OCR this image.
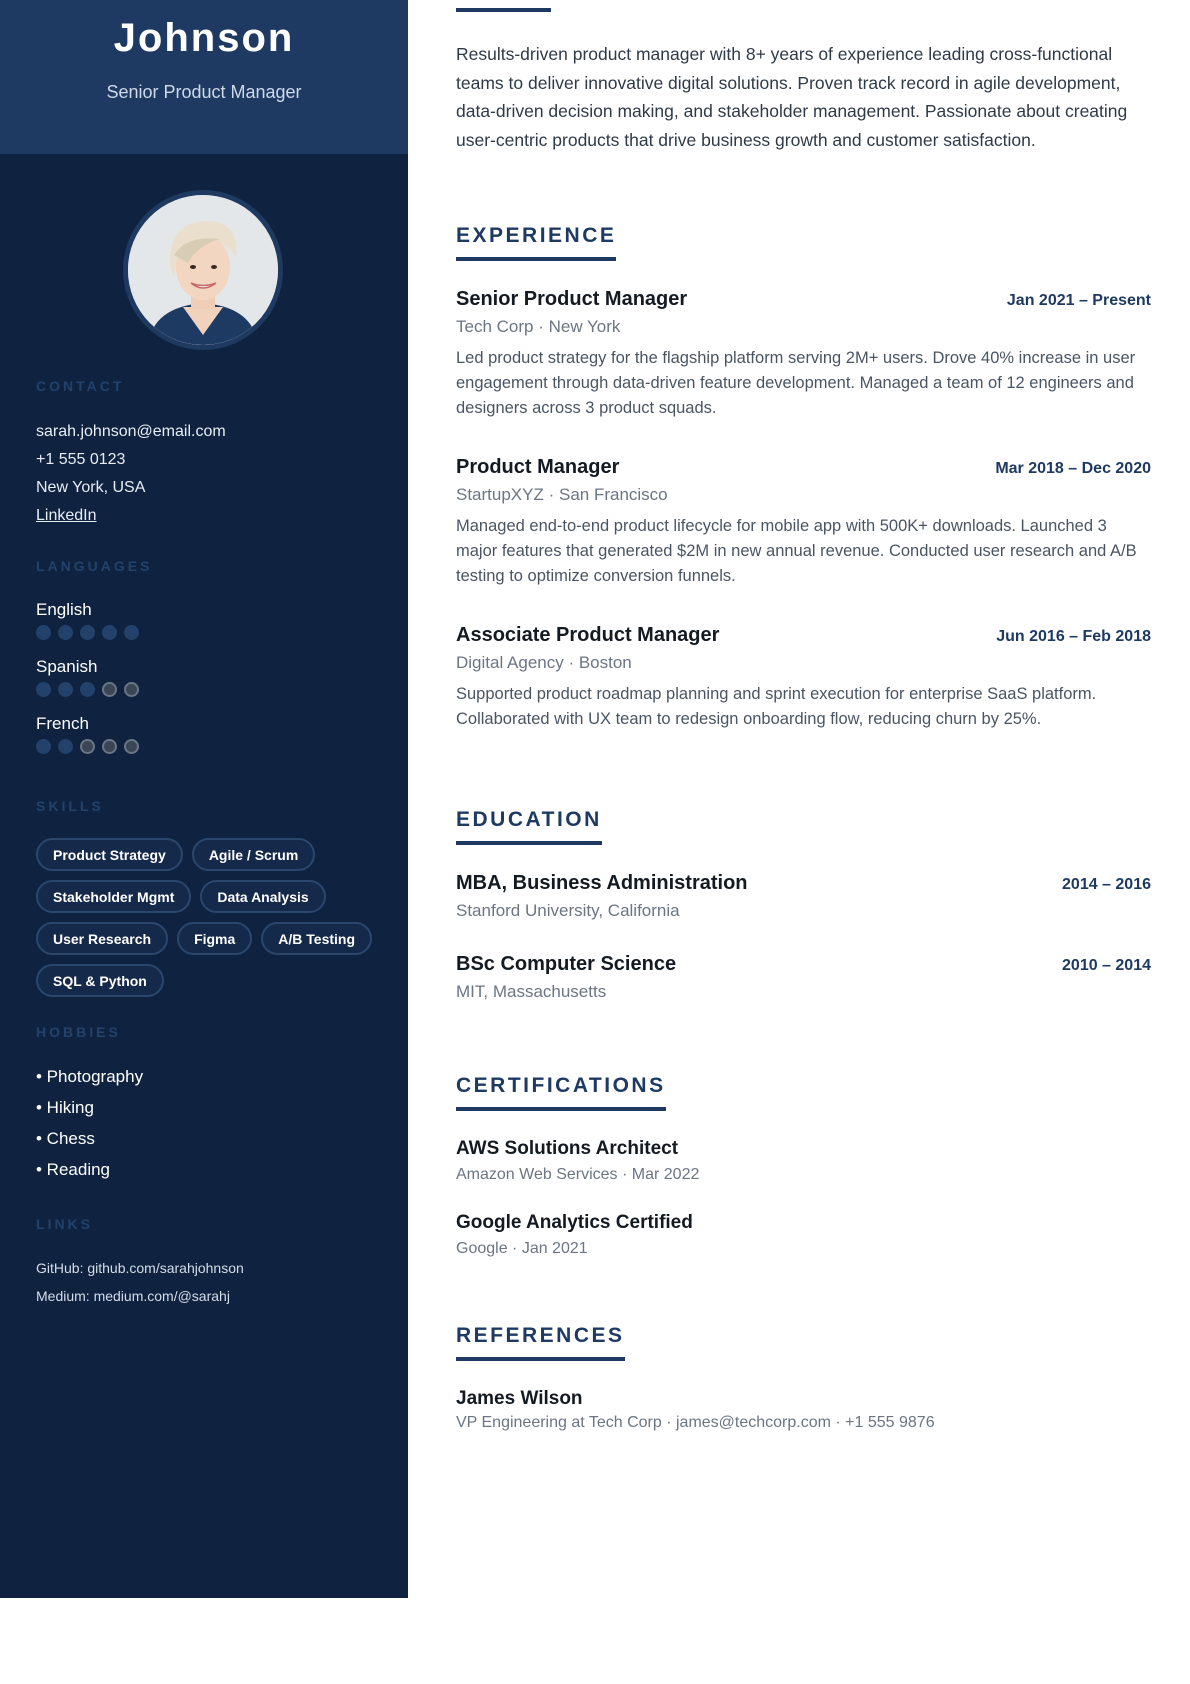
Johnson
Senior Product Manager
CONTACT
sarah.johnson@email.com
+1 555 0123
New York, USA
LinkedIn
LANGUAGES
English
Spanish
French
SKILLS
Product Strategy	Agile / Scrum
Stakeholder Mgmt	Data Analysis
User Research	Figma	A/B Testing
SQL & Python
HOBBIES
• Photography
• Hiking
• Chess
• Reading
LINKS
GitHub: github.com/sarahjohnson
Medium: medium.com/@sarahj

Results-driven product manager with 8+ years of experience leading cross-functional teams to deliver innovative digital solutions. Proven track record in agile development, data-driven decision making, and stakeholder management. Passionate about creating user-centric products that drive business growth and customer satisfaction.

EXPERIENCE
Senior Product Manager	Jan 2021 – Present
Tech Corp · New York
Led product strategy for the flagship platform serving 2M+ users. Drove 40% increase in user engagement through data-driven feature development. Managed a team of 12 engineers and designers across 3 product squads.
Product Manager	Mar 2018 – Dec 2020
StartupXYZ · San Francisco
Managed end-to-end product lifecycle for mobile app with 500K+ downloads. Launched 3 major features that generated $2M in new annual revenue. Conducted user research and A/B testing to optimize conversion funnels.
Associate Product Manager	Jun 2016 – Feb 2018
Digital Agency · Boston
Supported product roadmap planning and sprint execution for enterprise SaaS platform. Collaborated with UX team to redesign onboarding flow, reducing churn by 25%.
EDUCATION
MBA, Business Administration	2014 – 2016
Stanford University, California
BSc Computer Science	2010 – 2014
MIT, Massachusetts
CERTIFICATIONS
AWS Solutions Architect
Amazon Web Services · Mar 2022
Google Analytics Certified
Google · Jan 2021
REFERENCES
James Wilson
VP Engineering at Tech Corp · james@techcorp.com · +1 555 9876
